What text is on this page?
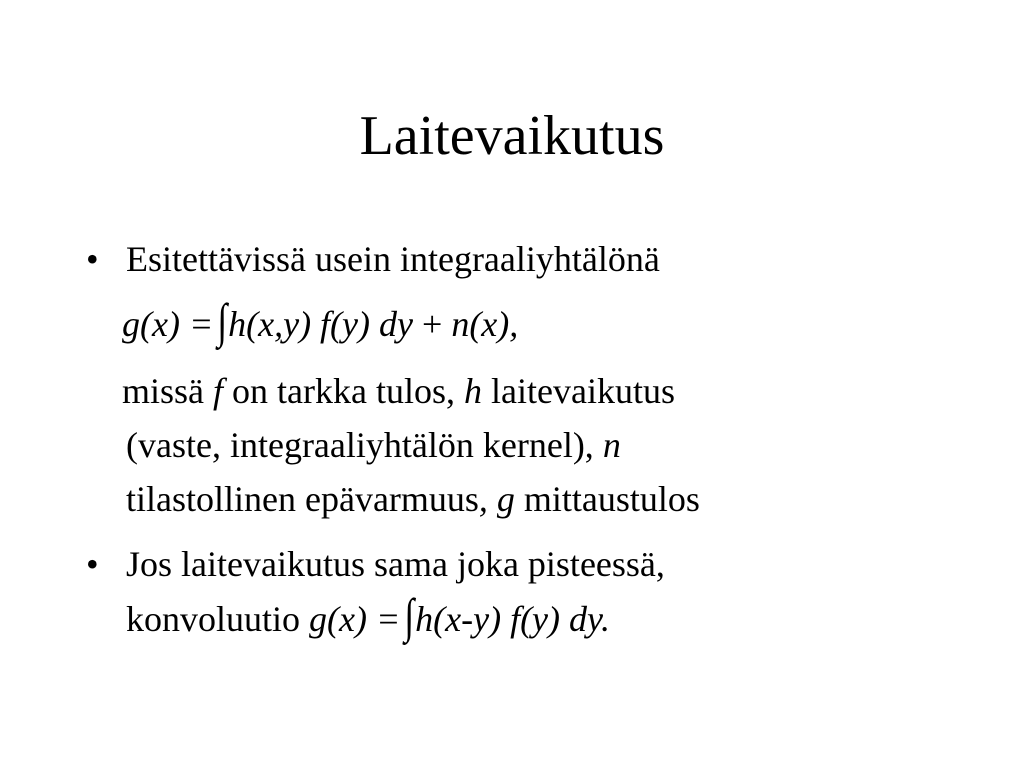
Laitevaikutus
• Esitettävissä usein integraaliyhtälönä
g(x) = ∫h(x,y) f(y) dy + n(x),
missä f on tarkka tulos, h laitevaikutus
(vaste, integraaliyhtälön kernel), n
tilastollinen epävarmuus, g mittaustulos
• Jos laitevaikutus sama joka pisteessä,
konvoluutio g(x) = ∫h(x-y) f(y) dy.
